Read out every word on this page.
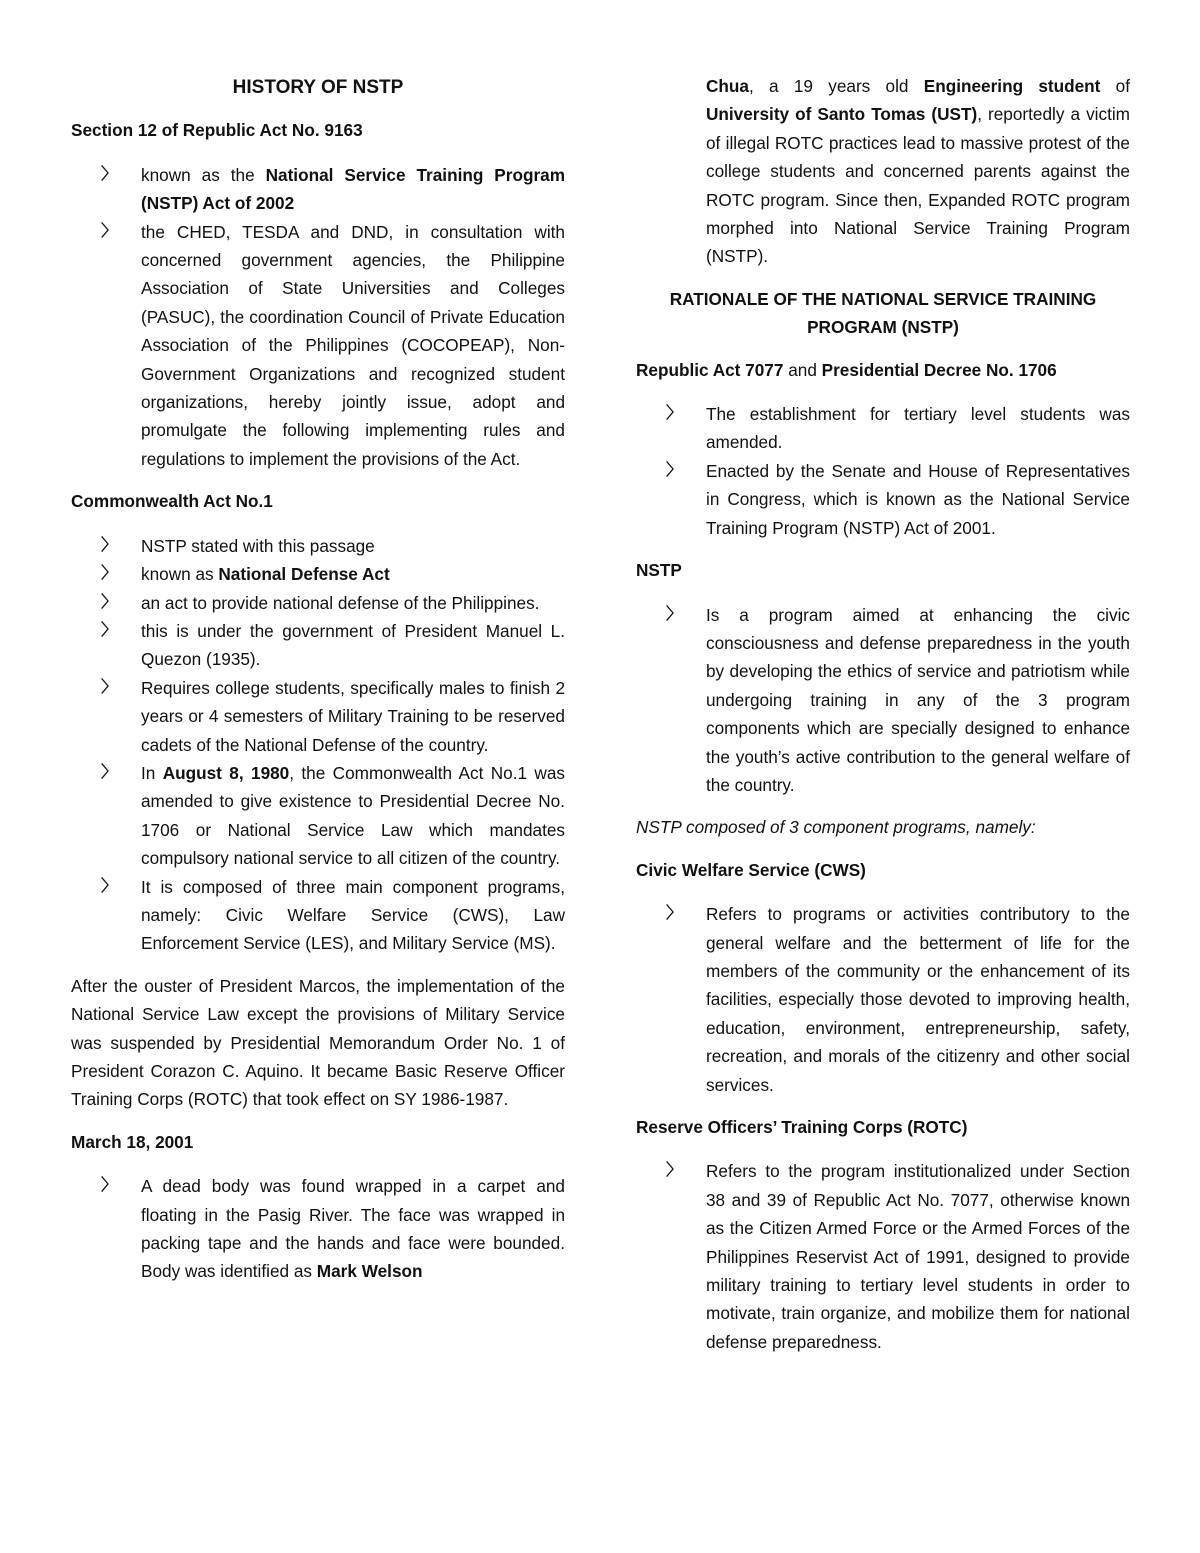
HISTORY OF NSTP
Section 12 of Republic Act No. 9163
〉 known as the National Service Training Program (NSTP) Act of 2002
〉 the CHED, TESDA and DND, in consultation with concerned government agencies, the Philippine Association of State Universities and Colleges (PASUC), the coordination Council of Private Education Association of the Philippines (COCOPEAP), Non-Government Organizations and recognized student organizations, hereby jointly issue, adopt and promulgate the following implementing rules and regulations to implement the provisions of the Act.
Commonwealth Act No.1
〉 NSTP stated with this passage
〉 known as National Defense Act
〉 an act to provide national defense of the Philippines.
〉 this is under the government of President Manuel L. Quezon (1935).
〉 Requires college students, specifically males to finish 2 years or 4 semesters of Military Training to be reserved cadets of the National Defense of the country.
〉 In August 8, 1980, the Commonwealth Act No.1 was amended to give existence to Presidential Decree No. 1706 or National Service Law which mandates compulsory national service to all citizen of the country.
〉 It is composed of three main component programs, namely: Civic Welfare Service (CWS), Law Enforcement Service (LES), and Military Service (MS).

After the ouster of President Marcos, the implementation of the National Service Law except the provisions of Military Service was suspended by Presidential Memorandum Order No. 1 of President Corazon C. Aquino. It became Basic Reserve Officer Training Corps (ROTC) that took effect on SY 1986-1987.

March 18, 2001
〉 A dead body was found wrapped in a carpet and floating in the Pasig River. The face was wrapped in packing tape and the hands and face were bounded. Body was identified as Mark Welson
Chua, a 19 years old Engineering student of University of Santo Tomas (UST), reportedly a victim of illegal ROTC practices lead to massive protest of the college students and concerned parents against the ROTC program. Since then, Expanded ROTC program morphed into National Service Training Program (NSTP).
RATIONALE OF THE NATIONAL SERVICE TRAINING PROGRAM (NSTP)
Republic Act 7077 and Presidential Decree No. 1706
〉 The establishment for tertiary level students was amended.
〉 Enacted by the Senate and House of Representatives in Congress, which is known as the National Service Training Program (NSTP) Act of 2001.
NSTP
〉 Is a program aimed at enhancing the civic consciousness and defense preparedness in the youth by developing the ethics of service and patriotism while undergoing training in any of the 3 program components which are specially designed to enhance the youth’s active contribution to the general welfare of the country.
NSTP composed of 3 component programs, namely:
Civic Welfare Service (CWS)
〉 Refers to programs or activities contributory to the general welfare and the betterment of life for the members of the community or the enhancement of its facilities, especially those devoted to improving health, education, environment, entrepreneurship, safety, recreation, and morals of the citizenry and other social services.
Reserve Officers’ Training Corps (ROTC)
〉 Refers to the program institutionalized under Section 38 and 39 of Republic Act No. 7077, otherwise known as the Citizen Armed Force or the Armed Forces of the Philippines Reservist Act of 1991, designed to provide military training to tertiary level students in order to motivate, train organize, and mobilize them for national defense preparedness.
